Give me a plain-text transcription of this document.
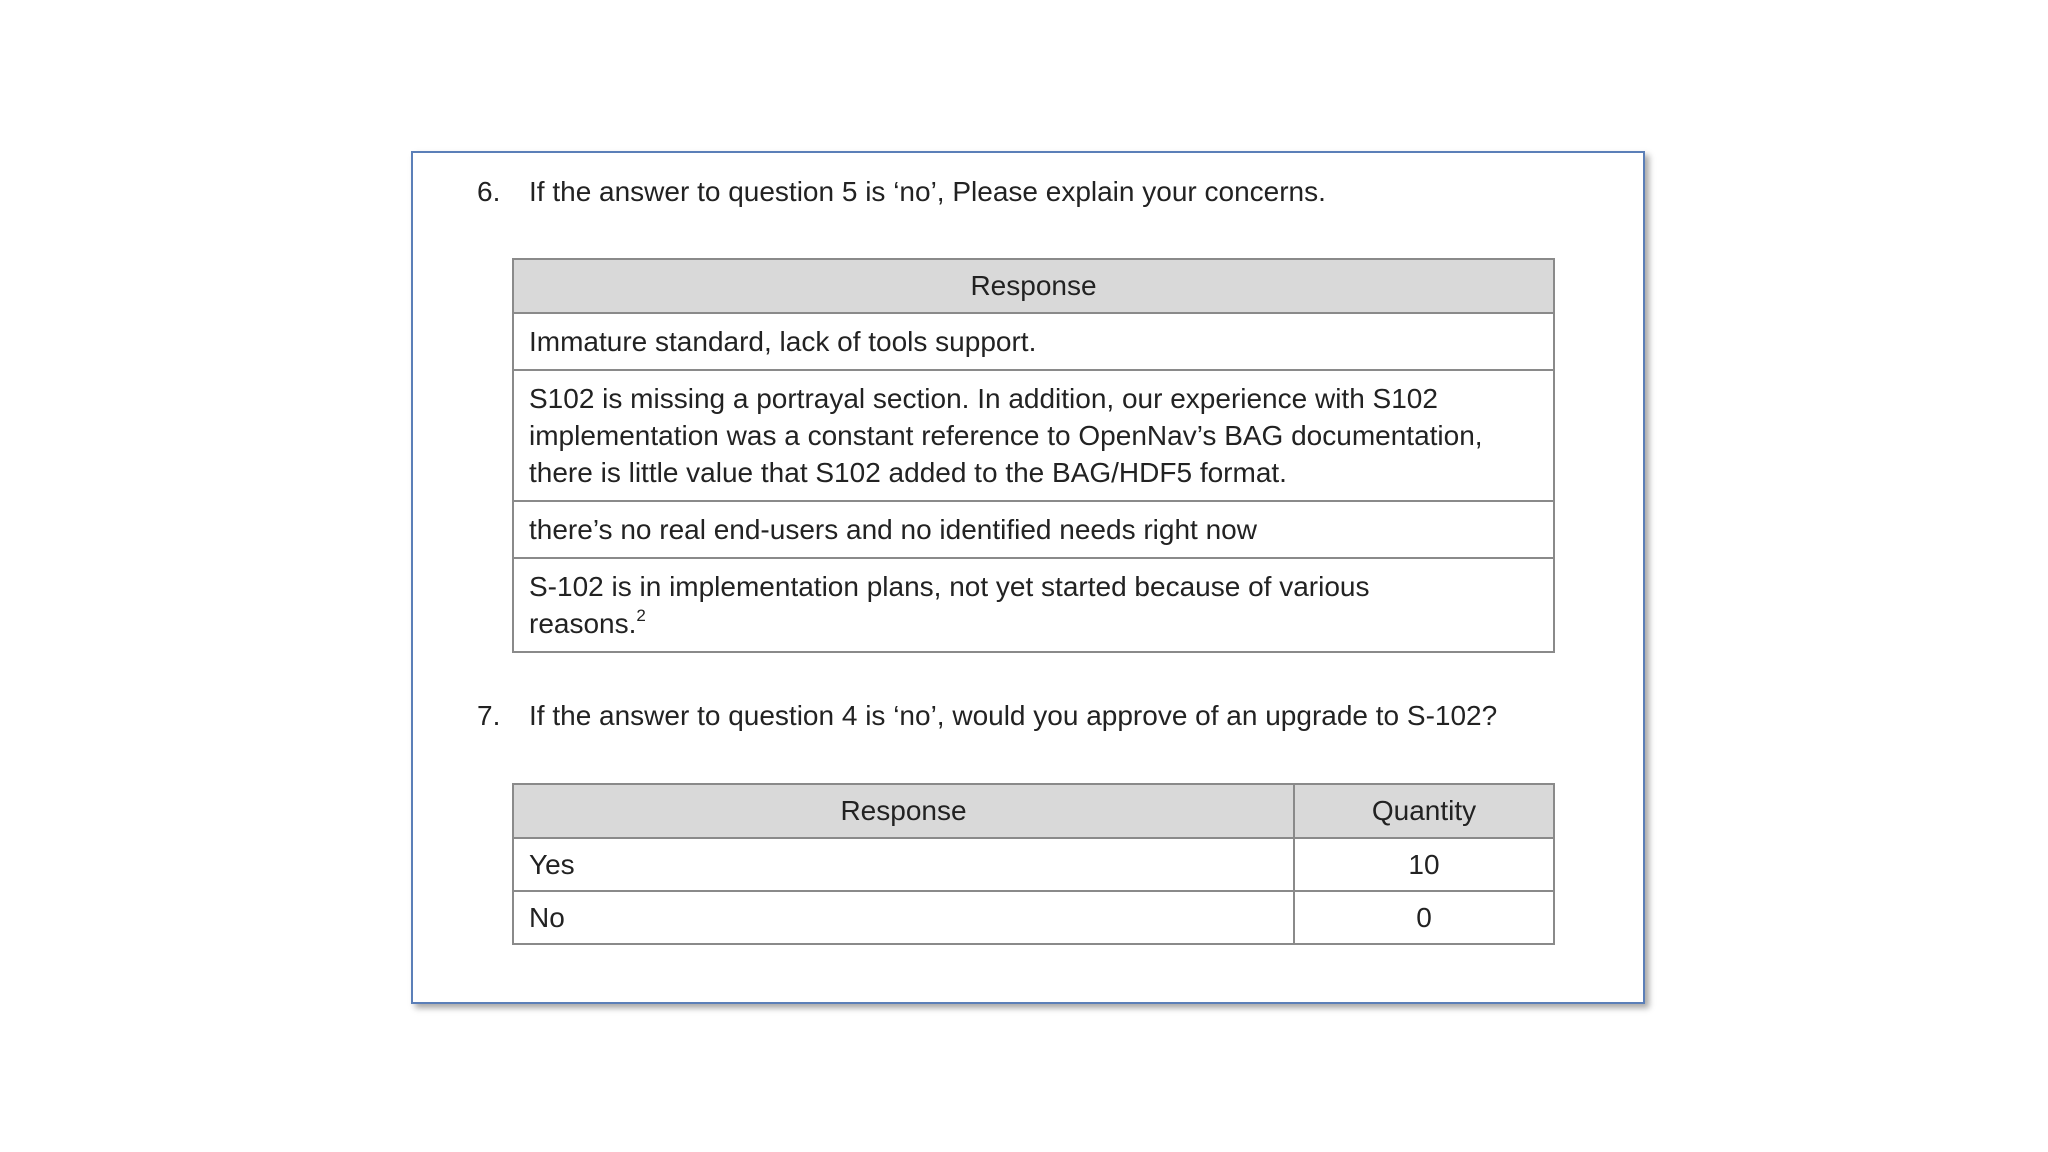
6. If the answer to question 5 is ‘no’, Please explain your concerns.
Response
Immature standard, lack of tools support.
S102 is missing a portrayal section. In addition, our experience with S102
implementation was a constant reference to OpenNav’s BAG documentation,
there is little value that S102 added to the BAG/HDF5 format.
there’s no real end-users and no identified needs right now
S-102 is in implementation plans, not yet started because of various
reasons.$^2$
7. If the answer to question 4 is ‘no’, would you approve of an upgrade to S-102?
Response	Quantity
Yes	10
No	0
